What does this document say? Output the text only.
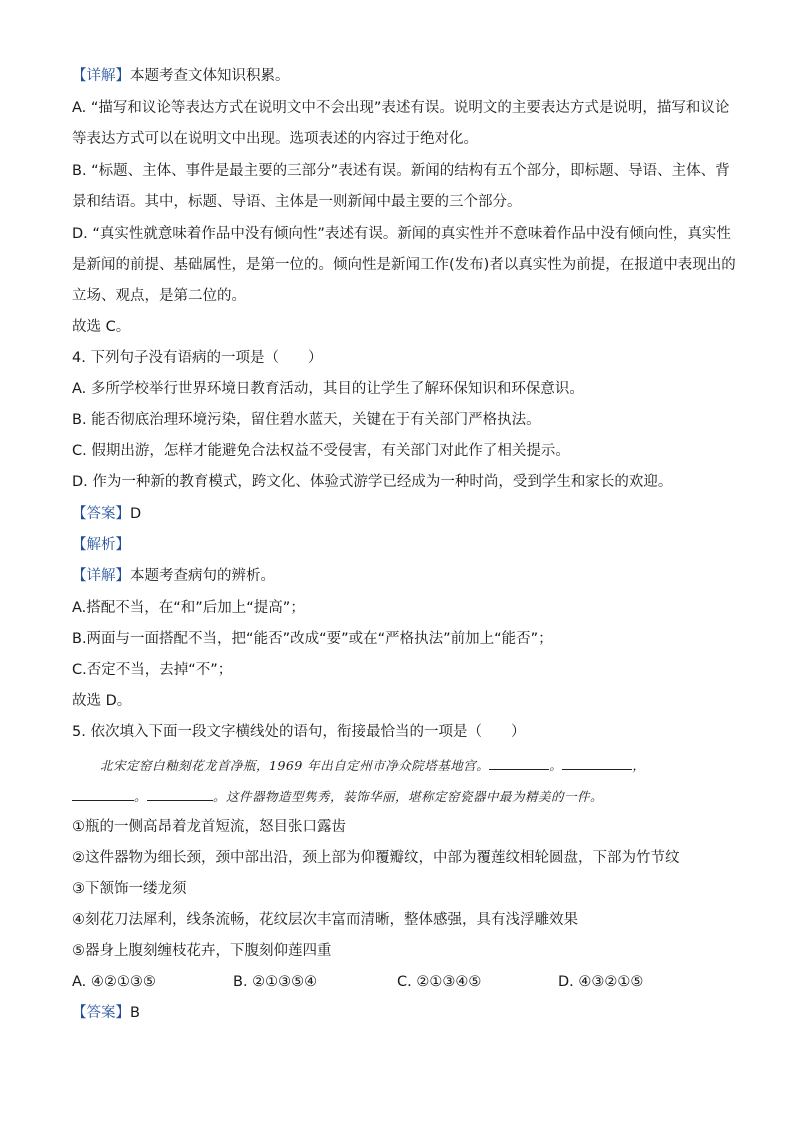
【详解】本题考查文体知识积累。
A. “描写和议论等表达方式在说明文中不会出现”表述有误。说明文的主要表达方式是说明，描写和议论
等表达方式可以在说明文中出现。选项表述的内容过于绝对化。
B. “标题、主体、事件是最主要的三部分”表述有误。新闻的结构有五个部分，即标题、导语、主体、背
景和结语。其中，标题、导语、主体是一则新闻中最主要的三个部分。
D. “真实性就意味着作品中没有倾向性”表述有误。新闻的真实性并不意味着作品中没有倾向性，真实性
是新闻的前提、基础属性，是第一位的。倾向性是新闻工作(发布)者以真实性为前提，在报道中表现出的
立场、观点，是第二位的。
故选 C。
4. 下列句子没有语病的一项是（　　）
A. 多所学校举行世界环境日教育活动，其目的让学生了解环保知识和环保意识。
B. 能否彻底治理环境污染，留住碧水蓝天，关键在于有关部门严格执法。
C. 假期出游，怎样才能避免合法权益不受侵害，有关部门对此作了相关提示。
D. 作为一种新的教育模式，跨文化、体验式游学已经成为一种时尚，受到学生和家长的欢迎。
【答案】D
【解析】
【详解】本题考查病句的辨析。
A.搭配不当，在“和”后加上“提高”；
B.两面与一面搭配不当，把“能否”改成“要”或在“严格执法”前加上“能否”；
C.否定不当，去掉“不”；
故选 D。
5. 依次填入下面一段文字横线处的语句，衔接最恰当的一项是（　　）
北宋定窑白釉刻花龙首净瓶，1969 年出自定州市净众院塔基地宫。	。	，
。	。这件器物造型隽秀，装饰华丽，堪称定窑瓷器中最为精美的一件。
①瓶的一侧高昂着龙首短流，怒目张口露齿
②这件器物为细长颈，颈中部出沿，颈上部为仰覆瓣纹，中部为覆莲纹相轮圆盘，下部为竹节纹
③下颔饰一缕龙须
④刻花刀法犀利，线条流畅，花纹层次丰富而清晰，整体感强，具有浅浮雕效果
⑤器身上腹刻缠枝花卉，下腹刻仰莲四重
A. ④②①③⑤	B. ②①③⑤④	C. ②①③④⑤	D. ④③②①⑤
【答案】B
